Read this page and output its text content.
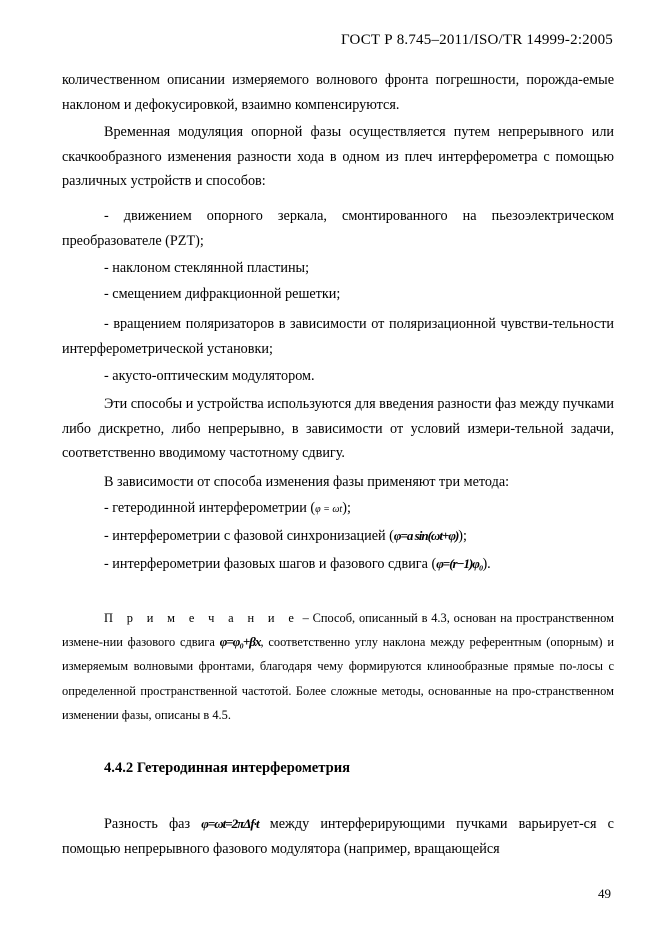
ГОСТ Р 8.745–2011/ISO/TR 14999-2:2005

количественном описании измеряемого волнового фронта погрешности, порожда-емые наклоном и дефокусировкой, взаимно компенсируются.

Временная модуляция опорной фазы осуществляется путем непрерывного или скачкообразного изменения разности хода в одном из плеч интерферометра с помощью различных устройств и способов:

- движением опорного зеркала, смонтированного на пьезоэлектрическом преобразователе (PZT);

- наклоном стеклянной пластины;

- смещением дифракционной решетки;

- вращением поляризаторов в зависимости от поляризационной чувстви-тельности интерферометрической установки;

- акусто-оптическим модулятором.

Эти способы и устройства используются для введения разности фаз между пучками либо дискретно, либо непрерывно, в зависимости от условий измери-тельной задачи, соответственно вводимому частотному сдвигу.

В зависимости от способа изменения фазы применяют три метода:

- гетеродинной интерферометрии (φ = ωt);

- интерферометрии с фазовой синхронизацией (φ=a sin(ωt+φ));

- интерферометрии фазовых шагов и фазового сдвига (φ=(r−1)φ₀).

П р и м е ч а н и е – Способ, описанный в 4.3, основан на пространственном измене-нии фазового сдвига φ=φ₀+βx, соответственно углу наклона между референтным (опорным) и измеряемым волновыми фронтами, благодаря чему формируются клинообразные прямые по-лосы с определенной пространственной частотой. Более сложные методы, основанные на про-странственном изменении фазы, описаны в 4.5.

4.4.2 Гетеродинная интерферометрия

Разность фаз φ=ωt=2πΔf·t между интерферирующими пучками варьирует-ся с помощью непрерывного фазового модулятора (например, вращающейся

49
